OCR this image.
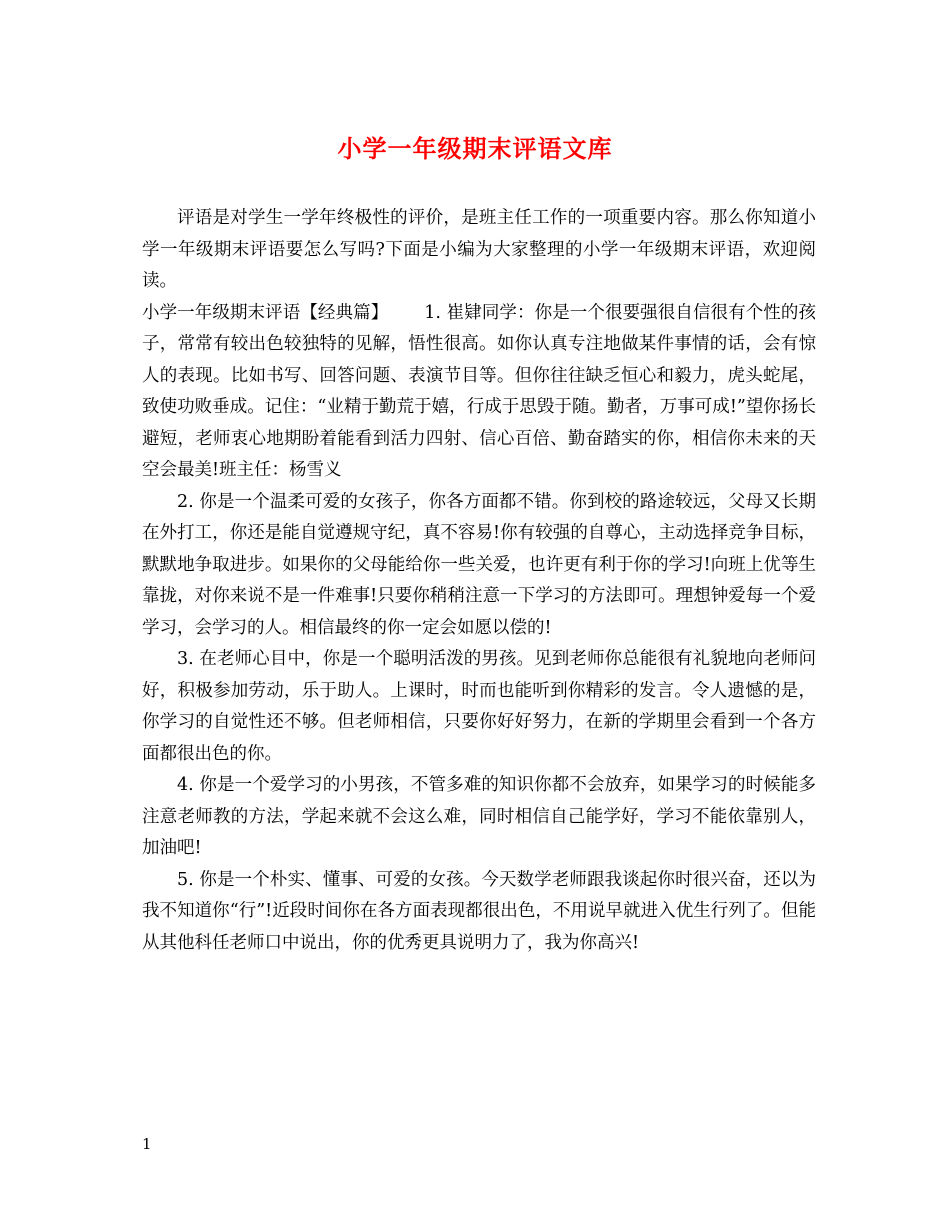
小学一年级期末评语文库

评语是对学生一学年终极性的评价，是班主任工作的一项重要内容。那么你知道小学一年级期末评语要怎么写吗?下面是小编为大家整理的小学一年级期末评语，欢迎阅读。

小学一年级期末评语【经典篇】 1. 崔肄同学：你是一个很要强很自信很有个性的孩子，常常有较出色较独特的见解，悟性很高。如你认真专注地做某件事情的话，会有惊人的表现。比如书写、回答问题、表演节目等。但你往往缺乏恒心和毅力，虎头蛇尾，致使功败垂成。记住：“业精于勤荒于嬉，行成于思毁于随。勤者，万事可成!”望你扬长避短，老师衷心地期盼着能看到活力四射、信心百倍、勤奋踏实的你，相信你未来的天空会最美!班主任：杨雪义

2. 你是一个温柔可爱的女孩子，你各方面都不错。你到校的路途较远，父母又长期在外打工，你还是能自觉遵规守纪，真不容易!你有较强的自尊心，主动选择竞争目标，默默地争取进步。如果你的父母能给你一些关爱，也许更有利于你的学习!向班上优等生靠拢，对你来说不是一件难事!只要你稍稍注意一下学习的方法即可。理想钟爱每一个爱学习，会学习的人。相信最终的你一定会如愿以偿的!

3. 在老师心目中，你是一个聪明活泼的男孩。见到老师你总能很有礼貌地向老师问好，积极参加劳动，乐于助人。上课时，时而也能听到你精彩的发言。令人遗憾的是，你学习的自觉性还不够。但老师相信，只要你好好努力，在新的学期里会看到一个各方面都很出色的你。

4. 你是一个爱学习的小男孩，不管多难的知识你都不会放弃，如果学习的时候能多注意老师教的方法，学起来就不会这么难，同时相信自己能学好，学习不能依靠别人，加油吧!

5. 你是一个朴实、懂事、可爱的女孩。今天数学老师跟我谈起你时很兴奋，还以为我不知道你“行”!近段时间你在各方面表现都很出色，不用说早就进入优生行列了。但能从其他科任老师口中说出，你的优秀更具说明力了，我为你高兴!

1
